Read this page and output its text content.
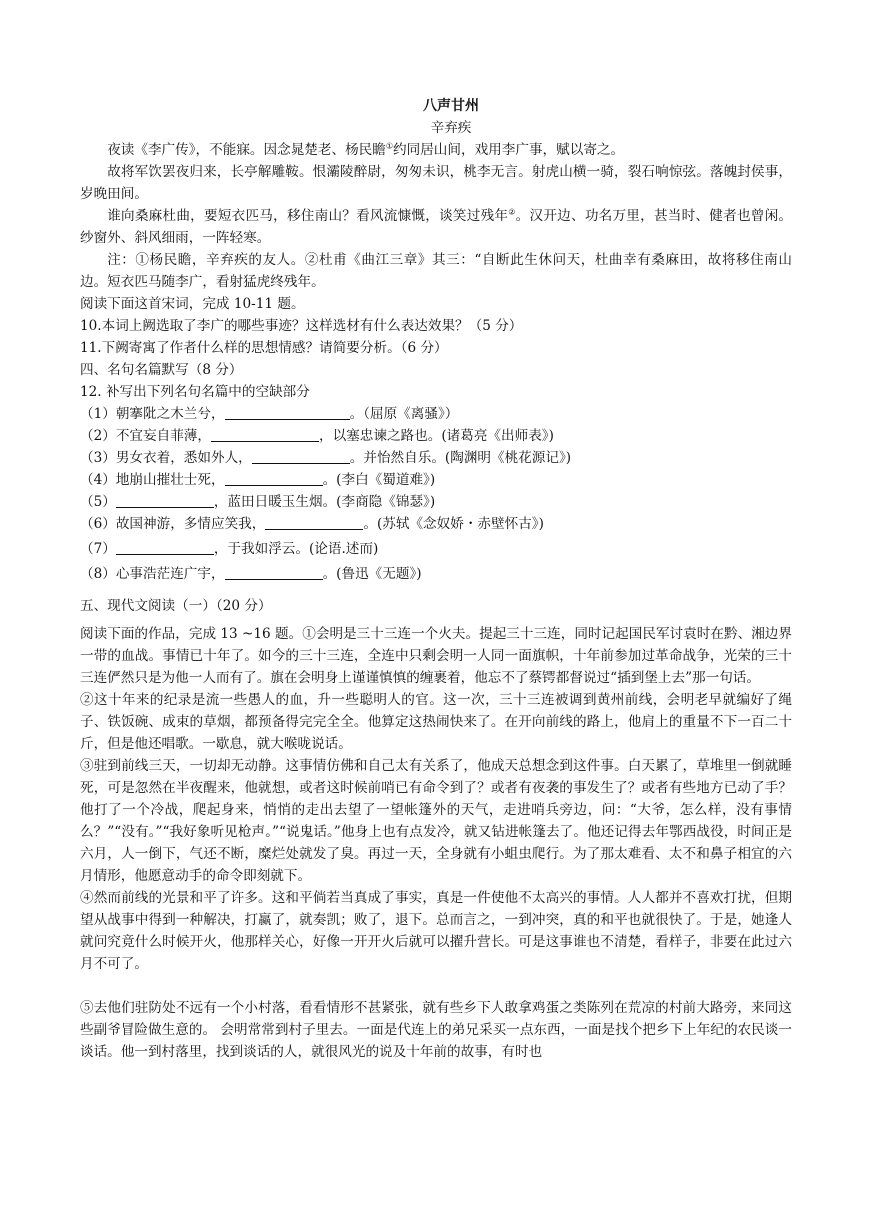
八声甘州
辛弃疾

夜读《李广传》，不能寐。因念晁楚老、杨民瞻①约同居山间，戏用李广事，赋以寄之。

故将军饮罢夜归来，长亭解雕鞍。恨灞陵醉尉，匆匆未识，桃李无言。射虎山横一骑，裂石响惊弦。落魄封侯事，岁晚田间。

谁向桑麻杜曲，要短衣匹马，移住南山？看风流慷慨，谈笑过残年②。汉开边、功名万里，甚当时、健者也曾闲。纱窗外、斜风细雨，一阵轻寒。

注：①杨民瞻，辛弃疾的友人。②杜甫《曲江三章》其三：“自断此生休问天，杜曲幸有桑麻田，故将移住南山边。短衣匹马随李广，看射猛虎终残年。

阅读下面这首宋词，完成 10-11 题。

10.本词上阙选取了李广的哪些事迹？这样选材有什么表达效果？（5 分）

11.下阙寄寓了作者什么样的思想情感？请简要分析。（6 分）

四、名句名篇默写（8 分）

12. 补写出下列名句名篇中的空缺部分

（1）朝搴阰之木兰兮，	。（屈原《离骚》）

（2）不宜妄自菲薄，	，以塞忠谏之路也。(诸葛亮《出师表》)

（3）男女衣着，悉如外人，	。并怡然自乐。(陶渊明《桃花源记》)

（4）地崩山摧壮士死，	。(李白《蜀道难》)

（5）	，蓝田日暖玉生烟。(李商隐《锦瑟》)

（6）故国神游，多情应笑我，	。(苏轼《念奴娇・赤壁怀古》)

（7）	，于我如浮云。(论语.述而)

（8）心事浩茫连广宇，	。(鲁迅《无题》)

五、现代文阅读（一）（20 分）

阅读下面的作品，完成 13 ~16 题。①会明是三十三连一个火夫。提起三十三连，同时记起国民军讨袁时在黔、湘边界一带的血战。事情已十年了。如今的三十三连，全连中只剩会明一人同一面旗帜，十年前参加过革命战争，光荣的三十三连俨然只是为他一人而有了。旗在会明身上谨谨慎慎的缠裹着，他忘不了蔡锷都督说过“插到堡上去”那一句话。

②这十年来的纪录是流一些愚人的血，升一些聪明人的官。这一次，三十三连被调到黄州前线，会明老早就编好了绳子、铁饭碗、成束的草烟，都预备得完完全全。他算定这热闹快来了。在开向前线的路上，他肩上的重量不下一百二十斤，但是他还唱歌。一歇息，就大喉咙说话。

③驻到前线三天，一切却无动静。这事情仿佛和自己太有关系了，他成天总想念到这件事。白天累了，草堆里一倒就睡死，可是忽然在半夜醒来，他就想，或者这时候前哨已有命令到了？或者有夜袭的事发生了？或者有些地方已动了手？他打了一个冷战，爬起身来，悄悄的走出去望了一望帐篷外的天气，走进哨兵旁边，问：“大爷，怎么样，没有事情么？”“没有。”“我好象听见枪声。”“说鬼话。”他身上也有点发冷，就又钻进帐篷去了。他还记得去年鄂西战役，时间正是六月，人一倒下，气还不断，糜烂处就发了臭。再过一天，全身就有小蛆虫爬行。为了那太难看、太不和鼻子相宜的六月情形，他愿意动手的命令即刻就下。

④然而前线的光景和平了许多。这和平倘若当真成了事实，真是一件使他不太高兴的事情。人人都并不喜欢打扰，但期望从战事中得到一种解决，打赢了，就奏凯；败了，退下。总而言之，一到冲突，真的和平也就很快了。于是，她逢人就问究竟什么时候开火，他那样关心，好像一开开火后就可以擢升营长。可是这事谁也不清楚，看样子，非要在此过六月不可了。

⑤去他们驻防处不远有一个小村落，看看情形不甚紧张，就有些乡下人敢拿鸡蛋之类陈列在荒凉的村前大路旁，来同这些副爷冒险做生意的。 会明常常到村子里去。一面是代连上的弟兄采买一点东西，一面是找个把乡下上年纪的农民谈一谈话。他一到村落里，找到谈话的人，就很风光的说及十年前的故事，有时也
